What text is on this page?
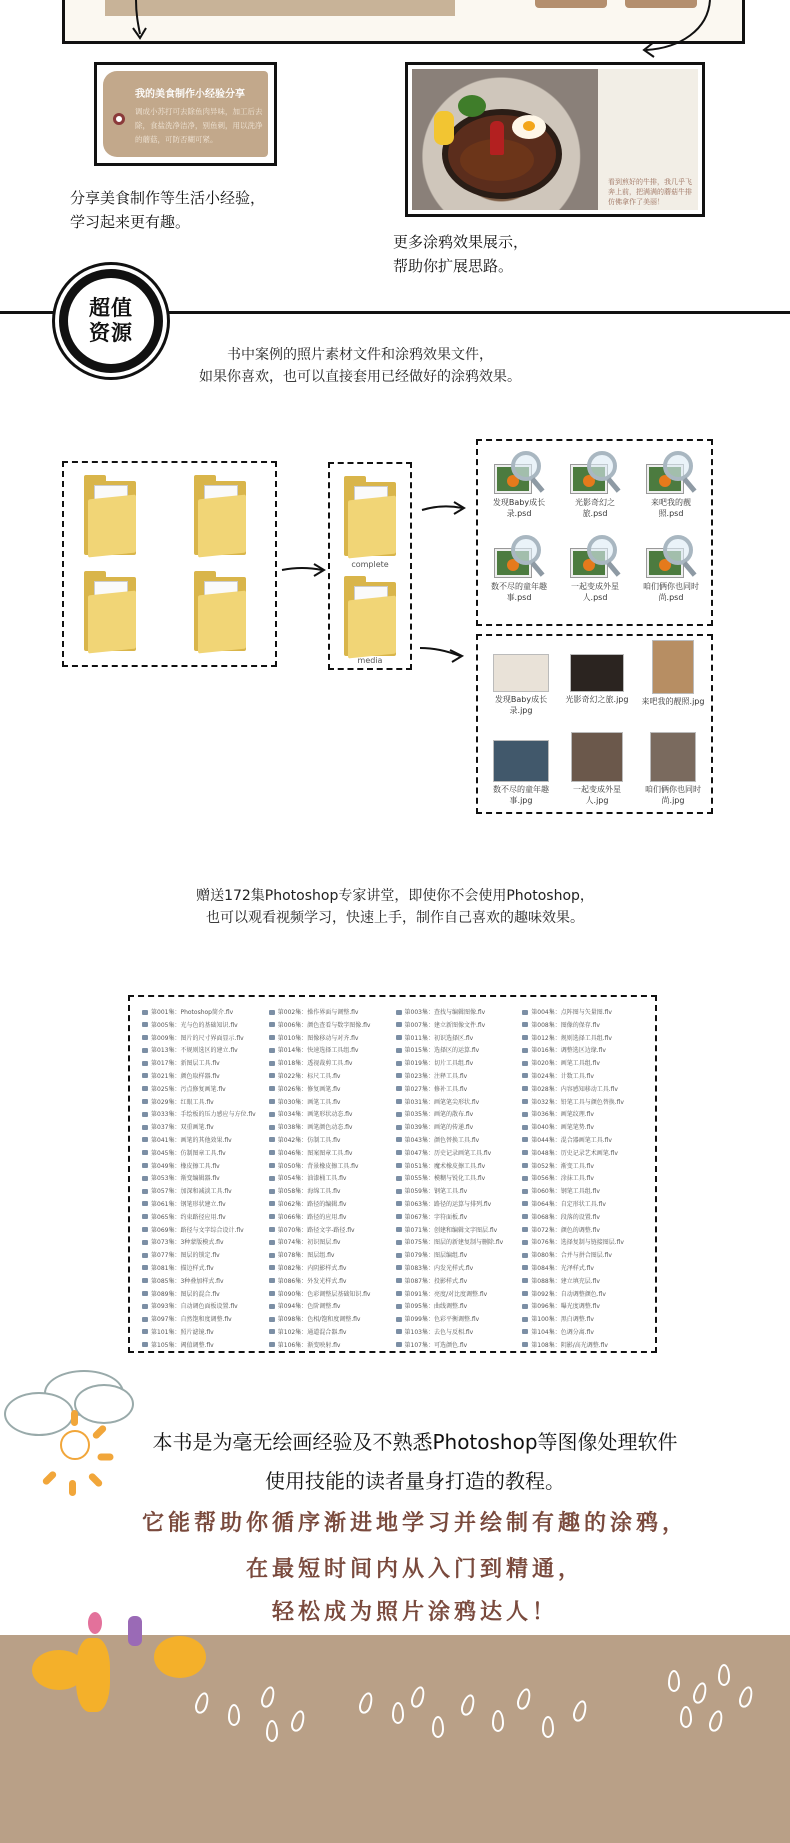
我的美食制作小经验分享
调成小苏打可去除鱼肉异味，加工后去除，食盐洗净洁净，别鱼刺，用以洗净的蘑菇，可防否糊可紧。
分享美食制作等生活小经验，
学习起来更有趣。
看到煎好的牛排，我几乎飞奔上前，把满满的蘑菇牛排仿佛拿作了美丽！
更多涂鸦效果展示，
帮助你扩展思路。
超值
资源
书中案例的照片素材文件和涂鸦效果文件，
如果你喜欢，也可以直接套用已经做好的涂鸦效果。
complete
media
发现Baby成长录.psd
光影奇幻之旅.psd
来吧我的靓照.psd
数不尽的童年趣事.psd
一起变成外星人.psd
咱们俩你也同时尚.psd
发现Baby成长录.jpg
光影奇幻之旅.jpg	来吧我的靓照.jpg
数不尽的童年趣事.jpg
一起变成外星人.jpg
咱们俩你也同时尚.jpg
赠送172集Photoshop专家讲堂，即使你不会使用Photoshop，
也可以观看视频学习，快速上手，制作自己喜欢的趣味效果。
第001集：Photoshop简介.flv	第002集：操作界面与调整.flv	第003集：查找与编辑图像.flv	第004集：点阵图与矢量图.flv
第005集：光与色的基础知识.flv	第006集：颜色查看与数字图像.flv	第007集：建立新图像文件.flv	第008集：图像的保存.flv
第009集：图片的尺寸界面显示.flv	第010集：图像移动与对齐.flv	第011集：初识选择区.flv	第012集：规则选择工具组.flv
第013集：不规则选区的建立.flv	第014集：快速选择工具组.flv	第015集：选择区的运算.flv	第016集：调整选区边缘.flv
第017集：新图层工具.flv	第018集：透视裁剪工具.flv	第019集：切片工具组.flv	第020集：画笔工具组.flv
第021集：颜色取样器.flv	第022集：标尺工具.flv	第023集：注释工具.flv	第024集：计数工具.flv
第025集：污点修复画笔.flv	第026集：修复画笔.flv	第027集：修补工具.flv	第028集：内容感知移动工具.flv
第029集：红眼工具.flv	第030集：画笔工具.flv	第031集：画笔笔尖形状.flv	第032集：铅笔工具与颜色替换.flv
第033集：手绘板的压力感应与方位.flv	第034集：画笔形状动态.flv	第035集：画笔的散布.flv	第036集：画笔纹理.flv
第037集：双重画笔.flv	第038集：画笔颜色动态.flv	第039集：画笔的传递.flv	第040集：画笔笔势.flv
第041集：画笔的其他效果.flv	第042集：仿制工具.flv	第043集：颜色替换工具.flv	第044集：混合器画笔工具.flv
第045集：仿制图章工具.flv	第046集：图案图章工具.flv	第047集：历史记录画笔工具.flv	第048集：历史记录艺术画笔.flv
第049集：橡皮擦工具.flv	第050集：背景橡皮擦工具.flv	第051集：魔术橡皮擦工具.flv	第052集：渐变工具.flv
第053集：渐变编辑器.flv	第054集：油漆桶工具.flv	第055集：模糊与锐化工具.flv	第056集：涂抹工具.flv
第057集：加深和减淡工具.flv	第058集：海绵工具.flv	第059集：钢笔工具.flv	第060集：钢笔工具组.flv
第061集：钢笔形状建立.flv	第062集：路径的编辑.flv	第063集：路径的运算与排列.flv	第064集：自定形状工具.flv
第065集：约束路径应用.flv	第066集：路径的应用.flv	第067集：字符面板.flv	第068集：段落的设置.flv
第069集：路径与文字综合设计.flv	第070集：路径文字-路径.flv	第071集：创建和编辑文字图层.flv	第072集：颜色的调整.flv
第073集：3种蒙版模式.flv	第074集：初识图层.flv	第075集：图层的新建复制与删除.flv	第076集：选择复制与链接图层.flv
第077集：图层的锁定.flv	第078集：图层组.flv	第079集：图层编组.flv	第080集：合并与拼合图层.flv
第081集：描边样式.flv	第082集：内阴影样式.flv	第083集：内发光样式.flv	第084集：光泽样式.flv
第085集：3种叠加样式.flv	第086集：外发光样式.flv	第087集：投影样式.flv	第088集：建立填充层.flv
第089集：图层的混合.flv	第090集：色彩调整层基础知识.flv	第091集：亮度/对比度调整.flv	第092集：自动调整颜色.flv
第093集：自动调色面板设置.flv	第094集：色阶调整.flv	第095集：曲线调整.flv	第096集：曝光度调整.flv
第097集：自然饱和度调整.flv	第098集：色相/饱和度调整.flv	第099集：色彩平衡调整.flv	第100集：黑白调整.flv
第101集：照片滤镜.flv	第102集：通道混合器.flv	第103集：去色与反相.flv	第104集：色调分离.flv
第105集：阈值调整.flv	第106集：渐变映射.flv	第107集：可选颜色.flv	第108集：阴影/高光调整.flv
本书是为毫无绘画经验及不熟悉Photoshop等图像处理软件
使用技能的读者量身打造的教程。
它能帮助你循序渐进地学习并绘制有趣的涂鸦，
在最短时间内从入门到精通，
轻松成为照片涂鸦达人！
